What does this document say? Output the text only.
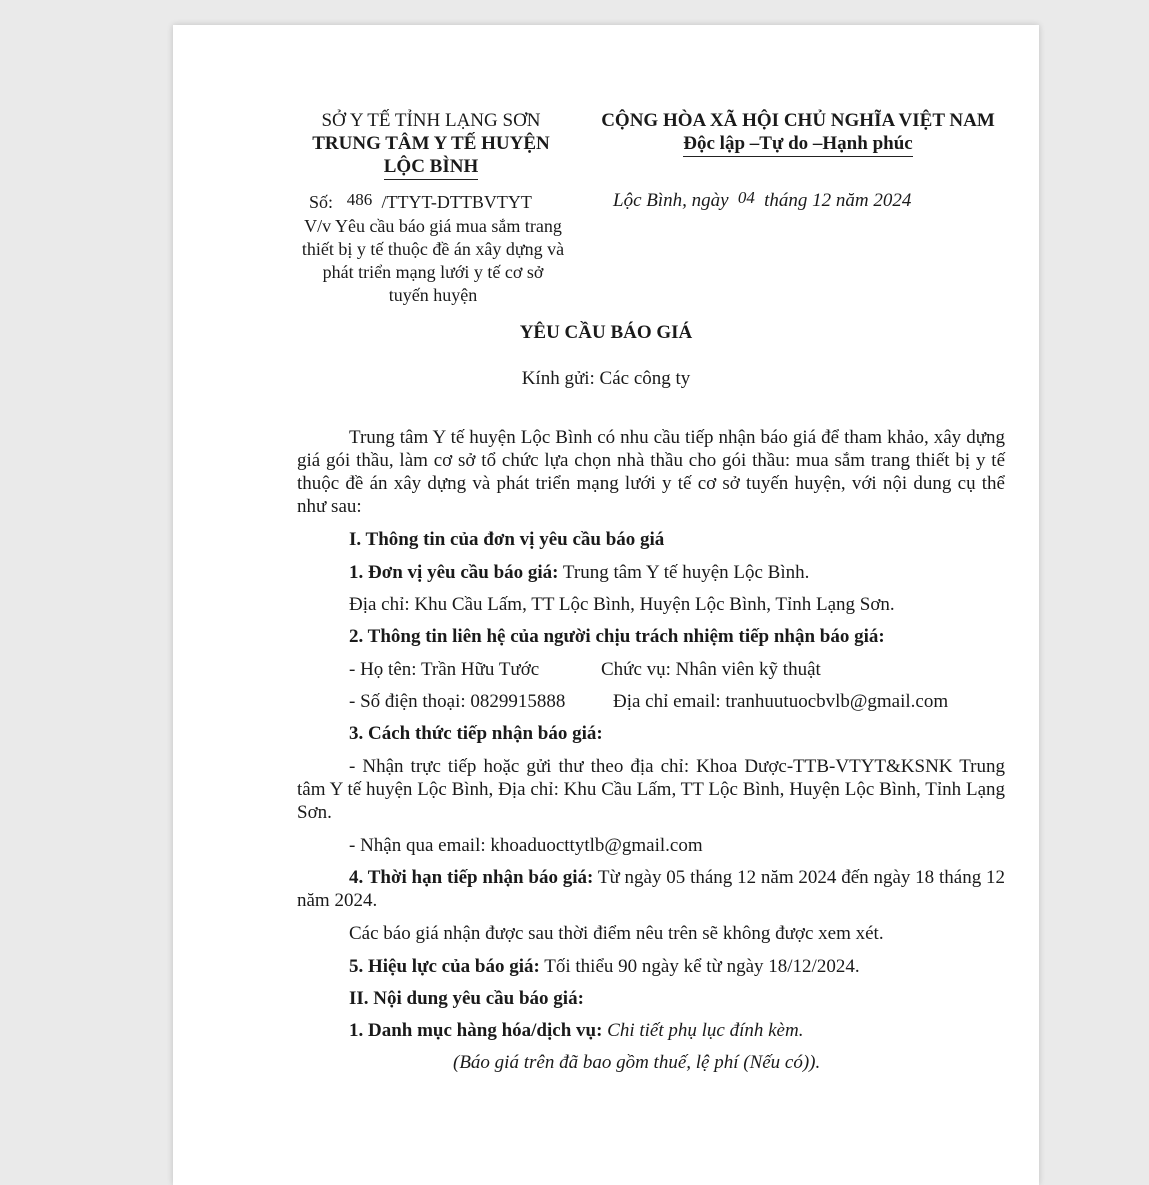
SỞ Y TẾ TỈNH LẠNG SƠN
TRUNG TÂM Y TẾ HUYỆN
LỘC BÌNH
CỘNG HÒA XÃ HỘI CHỦ NGHĨA VIỆT NAM
Độc lập –Tự do –Hạnh phúc
Số: 486 /TTYT-DTTBVTYT
V/v Yêu cầu báo giá mua sắm trang
thiết bị y tế thuộc đề án xây dựng và
phát triển mạng lưới y tế cơ sở
tuyến huyện
Lộc Bình, ngày 04 tháng 12 năm 2024
YÊU CẦU BÁO GIÁ
Kính gửi: Các công ty
Trung tâm Y tế huyện Lộc Bình có nhu cầu tiếp nhận báo giá để tham khảo, xây dựng giá gói thầu, làm cơ sở tổ chức lựa chọn nhà thầu cho gói thầu: mua sắm trang thiết bị y tế thuộc đề án xây dựng và phát triển mạng lưới y tế cơ sở tuyến huyện, với nội dung cụ thể như sau:
I. Thông tin của đơn vị yêu cầu báo giá
1. Đơn vị yêu cầu báo giá: Trung tâm Y tế huyện Lộc Bình.
Địa chỉ: Khu Cầu Lấm, TT Lộc Bình, Huyện Lộc Bình, Tỉnh Lạng Sơn.
2. Thông tin liên hệ của người chịu trách nhiệm tiếp nhận báo giá:
- Họ tên: Trần Hữu Tước	Chức vụ: Nhân viên kỹ thuật
- Số điện thoại: 0829915888	Địa chỉ email: tranhuutuocbvlb@gmail.com
3. Cách thức tiếp nhận báo giá:
- Nhận trực tiếp hoặc gửi thư theo địa chỉ: Khoa Dược-TTB-VTYT&KSNK Trung tâm Y tế huyện Lộc Bình, Địa chỉ: Khu Cầu Lấm, TT Lộc Bình, Huyện Lộc Bình, Tỉnh Lạng Sơn.
- Nhận qua email: khoaduocttytlb@gmail.com
4. Thời hạn tiếp nhận báo giá: Từ ngày 05 tháng 12 năm 2024 đến ngày 18 tháng 12 năm 2024.
Các báo giá nhận được sau thời điểm nêu trên sẽ không được xem xét.
5. Hiệu lực của báo giá: Tối thiểu 90 ngày kể từ ngày 18/12/2024.
II. Nội dung yêu cầu báo giá:
1. Danh mục hàng hóa/dịch vụ: Chi tiết phụ lục đính kèm.
(Báo giá trên đã bao gồm thuế, lệ phí (Nếu có)).
